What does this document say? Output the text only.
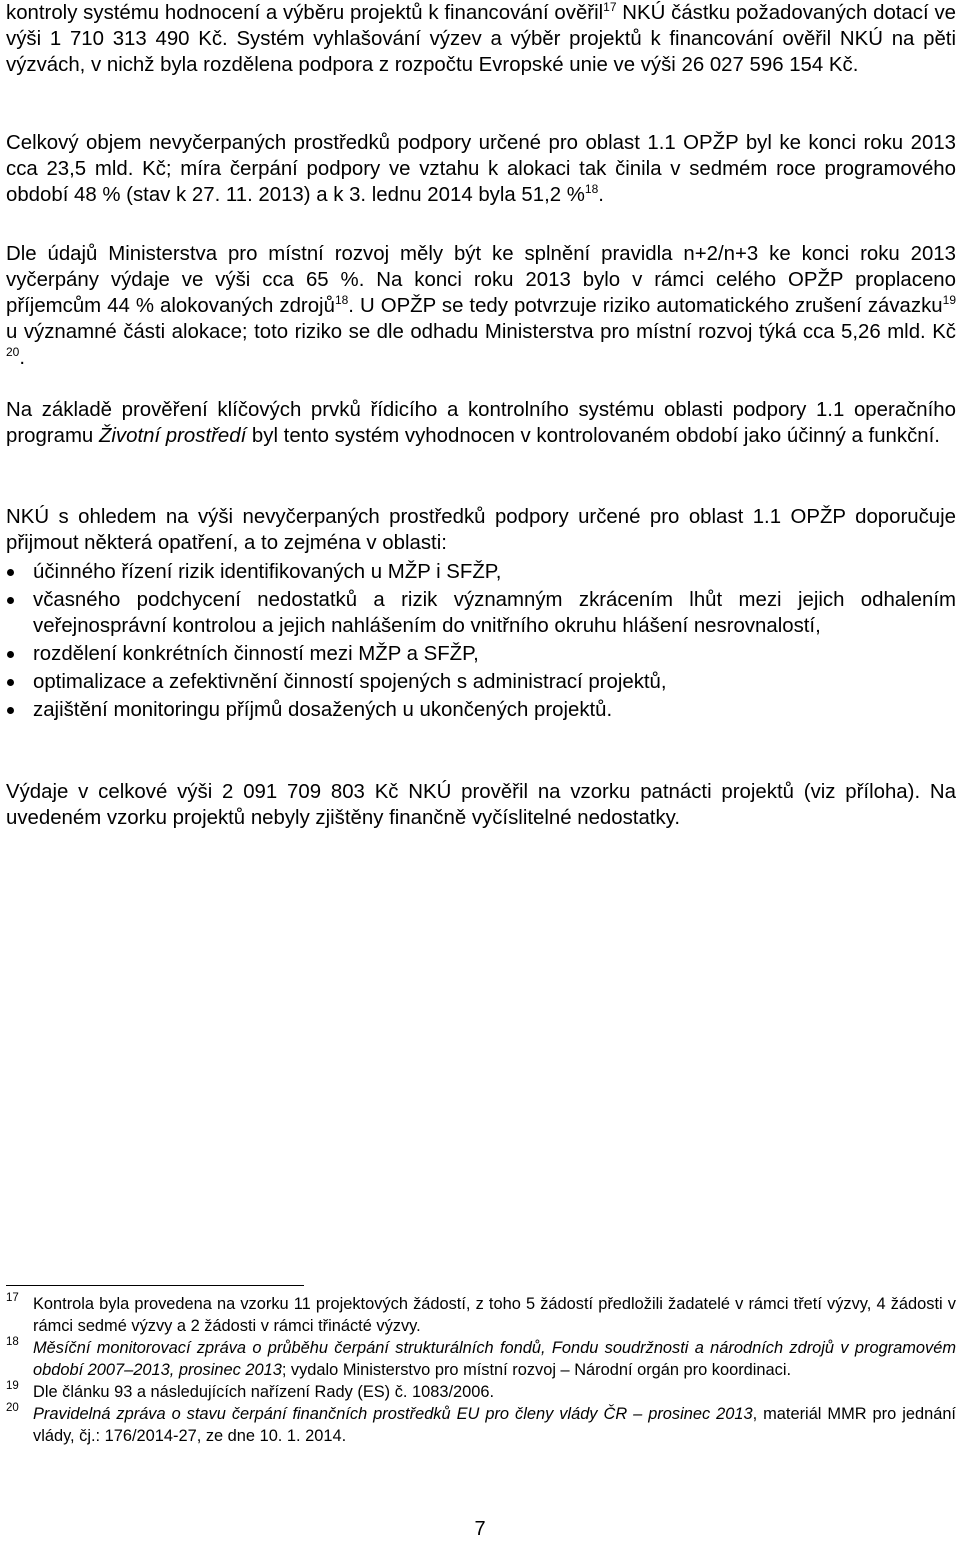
kontroly systému hodnocení a výběru projektů k financování ověřil$^{17}$ NKÚ částku požadovaných dotací ve výši 1 710 313 490 Kč. Systém vyhlašování výzev a výběr projektů k financování ověřil NKÚ na pěti výzvách, v nichž byla rozdělena podpora z rozpočtu Evropské unie ve výši 26 027 596 154 Kč.

Celkový objem nevyčerpaných prostředků podpory určené pro oblast 1.1 OPŽP byl ke konci roku 2013 cca 23,5 mld. Kč; míra čerpání podpory ve vztahu k alokaci tak činila v sedmém roce programového období 48 % (stav k 27. 11. 2013) a k 3. lednu 2014 byla 51,2 %$^{18}$.

Dle údajů Ministerstva pro místní rozvoj měly být ke splnění pravidla n+2/n+3 ke konci roku 2013 vyčerpány výdaje ve výši cca 65 %. Na konci roku 2013 bylo v rámci celého OPŽP proplaceno příjemcům 44 % alokovaných zdrojů$^{18}$. U OPŽP se tedy potvrzuje riziko automatického zrušení závazku$^{19}$ u významné části alokace; toto riziko se dle odhadu Ministerstva pro místní rozvoj týká cca 5,26 mld. Kč $^{20}$.

Na základě prověření klíčových prvků řídicího a kontrolního systému oblasti podpory 1.1 operačního programu Životní prostředí byl tento systém vyhodnocen v kontrolovaném období jako účinný a funkční.

NKÚ s ohledem na výši nevyčerpaných prostředků podpory určené pro oblast 1.1 OPŽP doporučuje přijmout některá opatření, a to zejména v oblasti:

účinného řízení rizik identifikovaných u MŽP i SFŽP,
včasného podchycení nedostatků a rizik významným zkrácením lhůt mezi jejich odhalením veřejnosprávní kontrolou a jejich nahlášením do vnitřního okruhu hlášení nesrovnalostí,
rozdělení konkrétních činností mezi MŽP a SFŽP,
optimalizace a zefektivnění činností spojených s administrací projektů,
zajištění monitoringu příjmů dosažených u ukončených projektů.

Výdaje v celkové výši 2 091 709 803 Kč NKÚ prověřil na vzorku patnácti projektů (viz příloha). Na uvedeném vzorku projektů nebyly zjištěny finančně vyčíslitelné nedostatky.

17 Kontrola byla provedena na vzorku 11 projektových žádostí, z toho 5 žádostí předložili žadatelé v rámci třetí výzvy, 4 žádosti v rámci sedmé výzvy a 2 žádosti v rámci třinácté výzvy.
18 Měsíční monitorovací zpráva o průběhu čerpání strukturálních fondů, Fondu soudržnosti a národních zdrojů v programovém období 2007–2013, prosinec 2013; vydalo Ministerstvo pro místní rozvoj – Národní orgán pro koordinaci.
19 Dle článku 93 a následujících nařízení Rady (ES) č. 1083/2006.
20 Pravidelná zpráva o stavu čerpání finančních prostředků EU pro členy vlády ČR – prosinec 2013, materiál MMR pro jednání vlády, čj.: 176/2014-27, ze dne 10. 1. 2014.
7
